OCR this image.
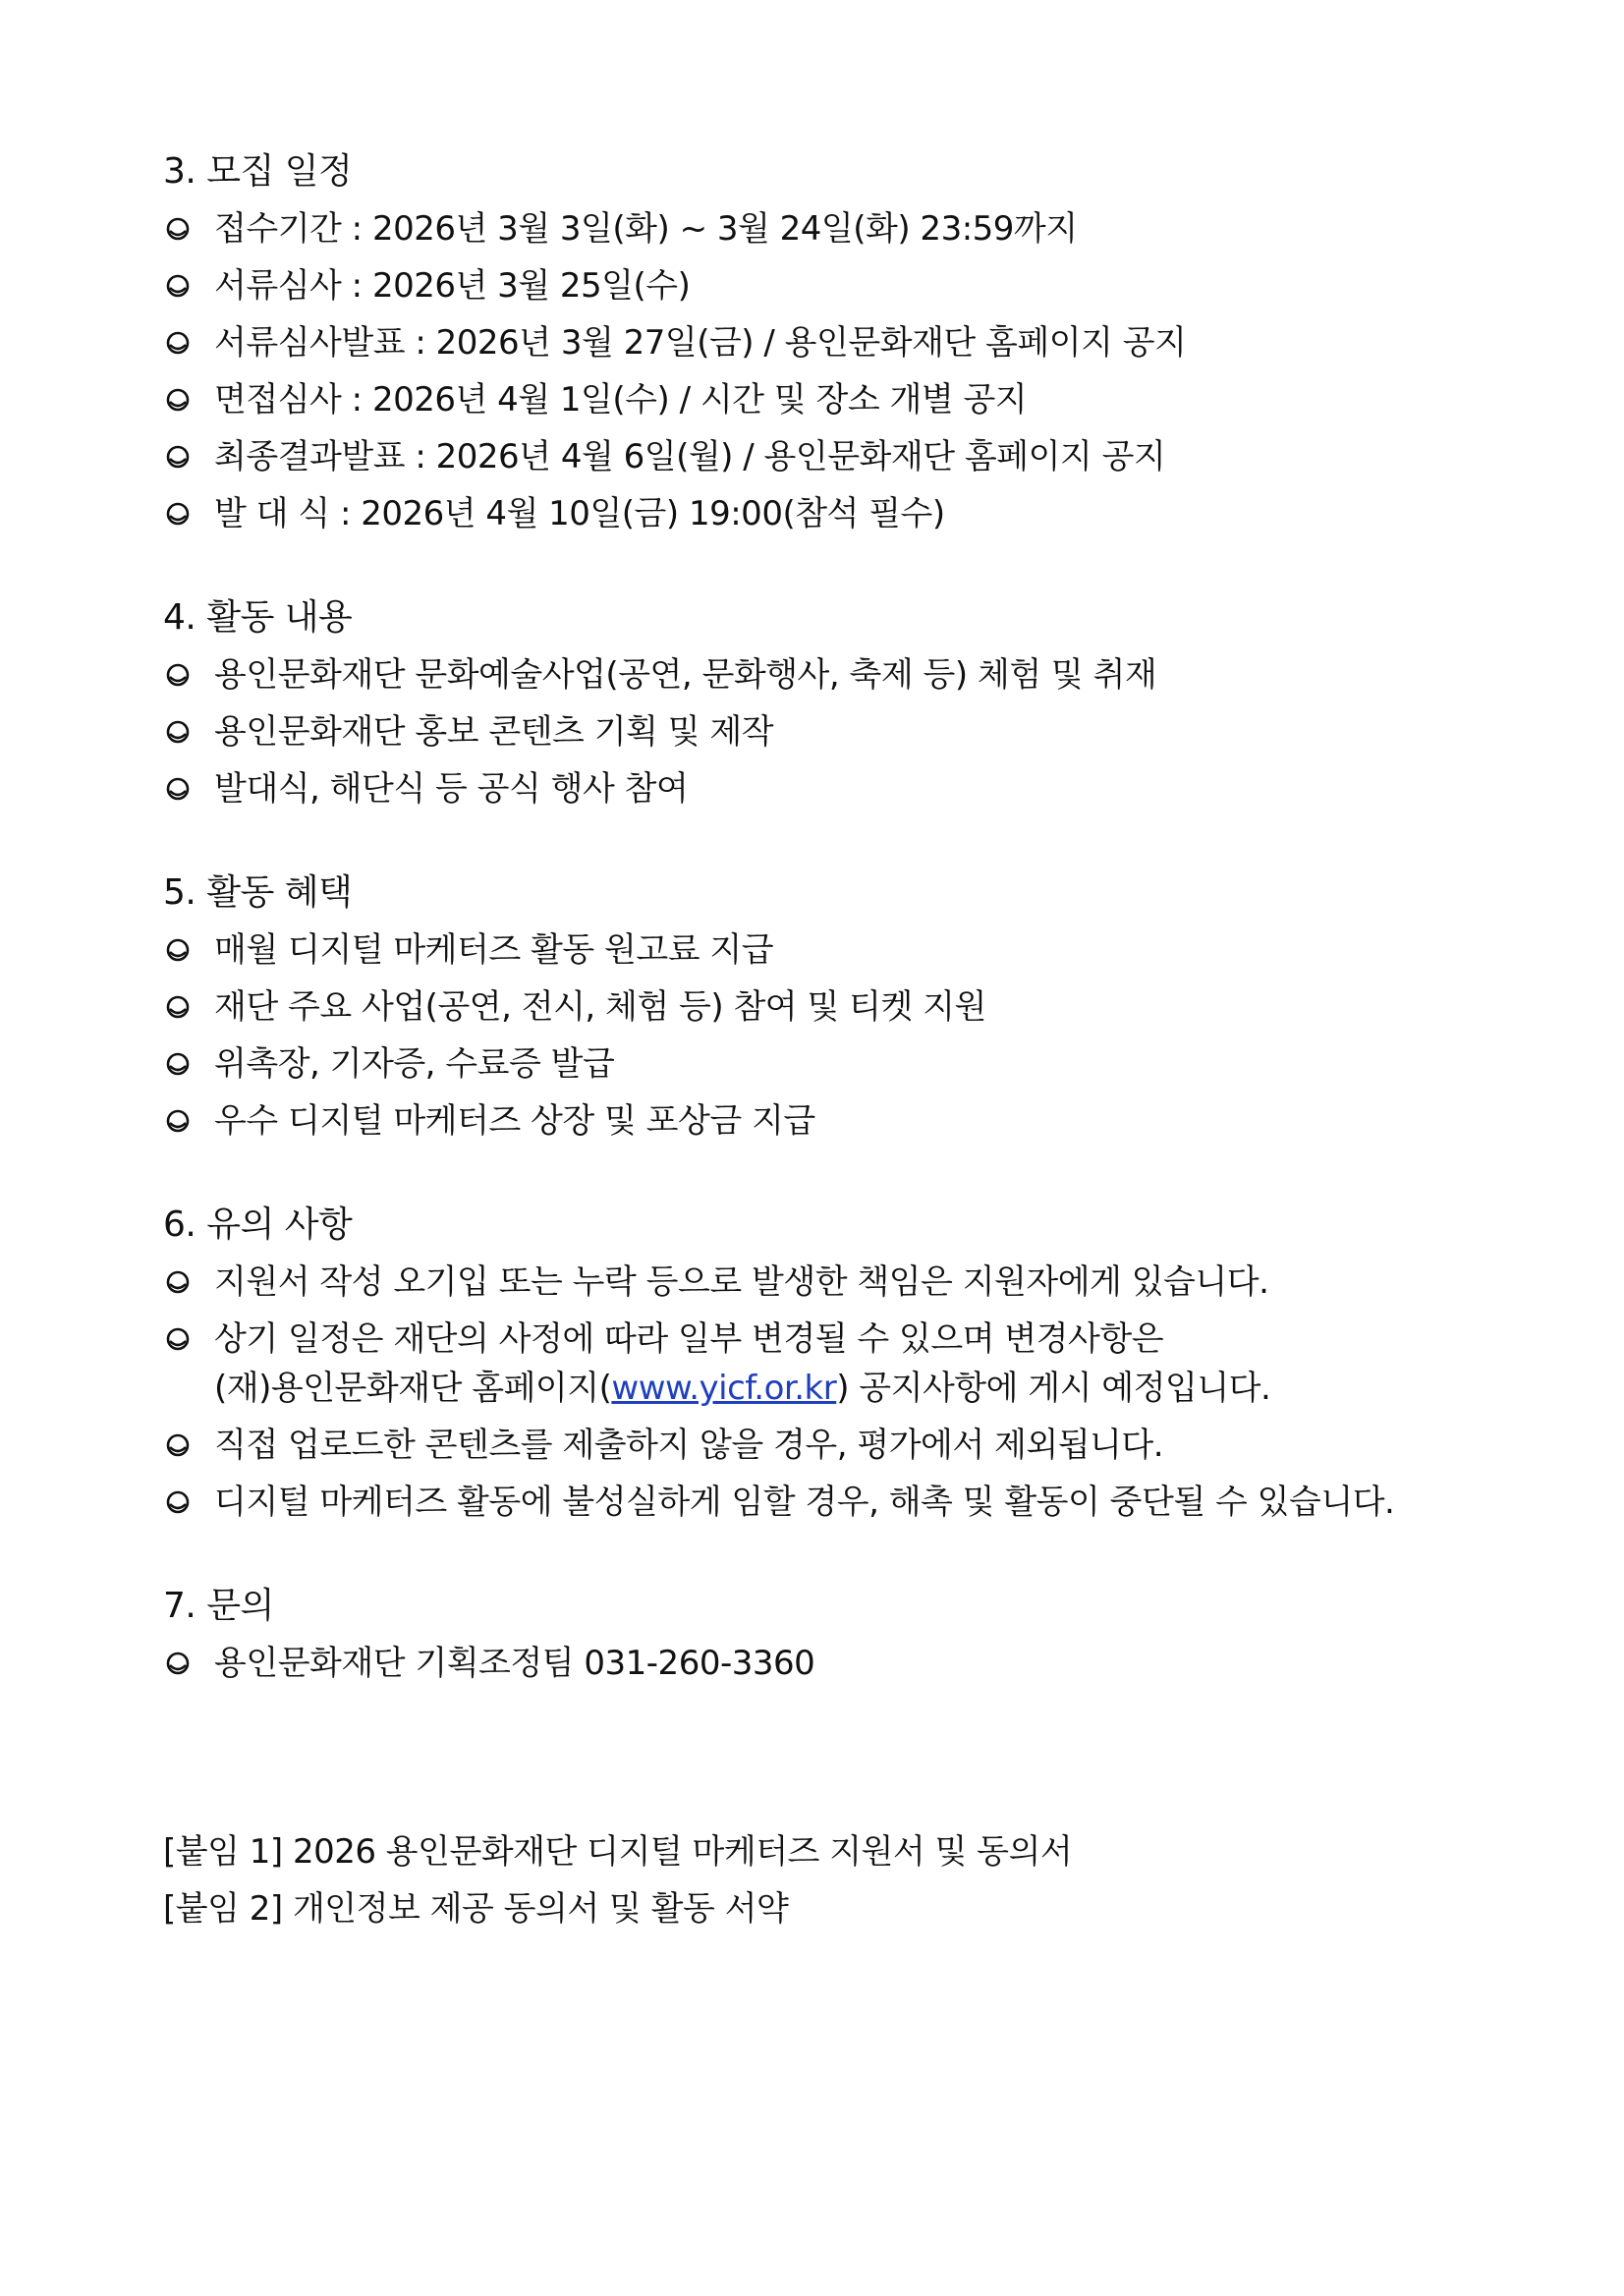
3. 모집 일정
접수기간 : 2026년 3월 3일(화) ~ 3월 24일(화) 23:59까지
서류심사 : 2026년 3월 25일(수)
서류심사발표 : 2026년 3월 27일(금) / 용인문화재단 홈페이지 공지
면접심사 : 2026년 4월 1일(수) / 시간 및 장소 개별 공지
최종결과발표 : 2026년 4월 6일(월) / 용인문화재단 홈페이지 공지
발 대 식 : 2026년 4월 10일(금) 19:00(참석 필수)
4. 활동 내용
용인문화재단 문화예술사업(공연, 문화행사, 축제 등) 체험 및 취재
용인문화재단 홍보 콘텐츠 기획 및 제작
발대식, 해단식 등 공식 행사 참여
5. 활동 혜택
매월 디지털 마케터즈 활동 원고료 지급
재단 주요 사업(공연, 전시, 체험 등) 참여 및 티켓 지원
위촉장, 기자증, 수료증 발급
우수 디지털 마케터즈 상장 및 포상금 지급
6. 유의 사항
지원서 작성 오기입 또는 누락 등으로 발생한 책임은 지원자에게 있습니다.
상기 일정은 재단의 사정에 따라 일부 변경될 수 있으며 변경사항은
(재)용인문화재단 홈페이지(www.yicf.or.kr) 공지사항에 게시 예정입니다.
직접 업로드한 콘텐츠를 제출하지 않을 경우, 평가에서 제외됩니다.
디지털 마케터즈 활동에 불성실하게 임할 경우, 해촉 및 활동이 중단될 수 있습니다.
7. 문의
용인문화재단 기획조정팀 031-260-3360
[붙임 1] 2026 용인문화재단 디지털 마케터즈 지원서 및 동의서
[붙임 2] 개인정보 제공 동의서 및 활동 서약
